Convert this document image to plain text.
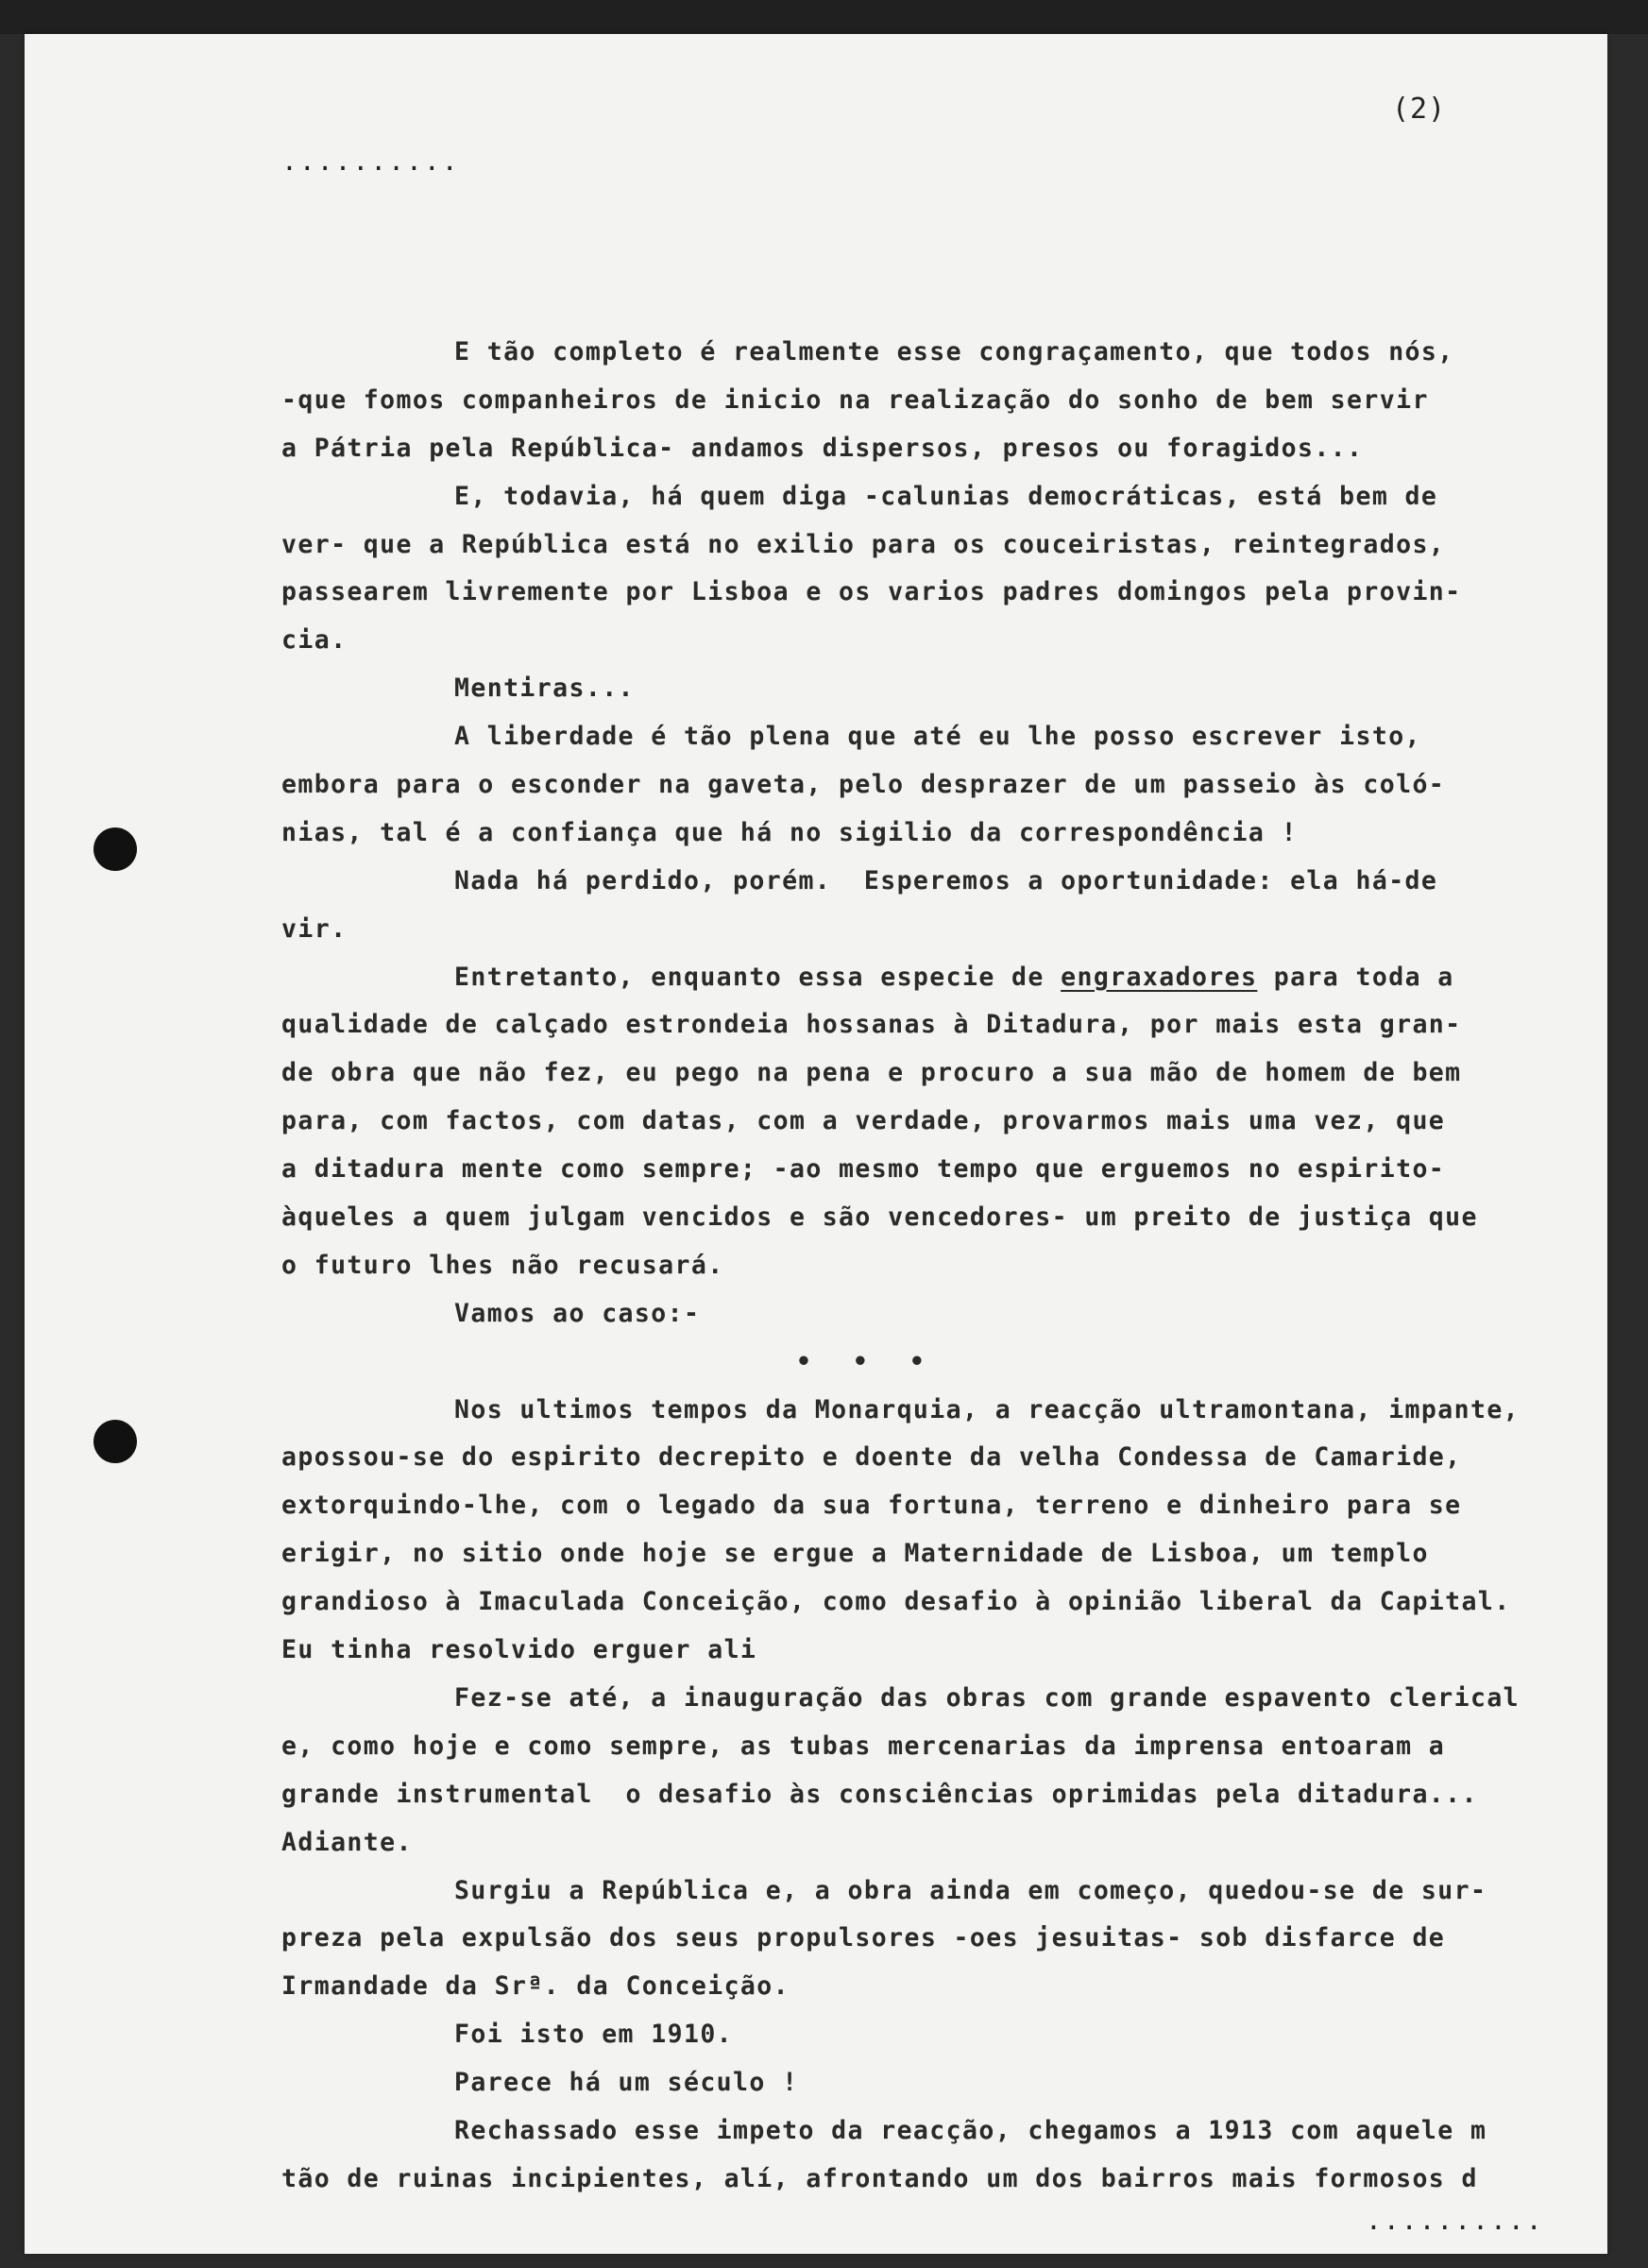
(2)
..........
E tão completo é realmente esse congraçamento, que todos nós,
-que fomos companheiros de inicio na realização do sonho de bem servir
a Pátria pela República- andamos dispersos, presos ou foragidos...
E, todavia, há quem diga -calunias democráticas, está bem de
ver- que a República está no exilio para os couceiristas, reintegrados,
passearem livremente por Lisboa e os varios padres domingos pela provin-
cia.
Mentiras...
A liberdade é tão plena que até eu lhe posso escrever isto,
embora para o esconder na gaveta, pelo desprazer de um passeio às coló-
nias, tal é a confiança que há no sigilio da correspondência !
Nada há perdido, porém.  Esperemos a oportunidade: ela há-de
vir.
Entretanto, enquanto essa especie de engraxadores para toda a
qualidade de calçado estrondeia hossanas à Ditadura, por mais esta gran-
de obra que não fez, eu pego na pena e procuro a sua mão de homem de bem
para, com factos, com datas, com a verdade, provarmos mais uma vez, que
a ditadura mente como sempre; -ao mesmo tempo que erguemos no espirito-
àqueles a quem julgam vencidos e são vencedores- um preito de justiça que
o futuro lhes não recusará.
Vamos ao caso:-
• • •
Nos ultimos tempos da Monarquia, a reacção ultramontana, impante,
apossou-se do espirito decrepito e doente da velha Condessa de Camaride,
extorquindo-lhe, com o legado da sua fortuna, terreno e dinheiro para se
erigir, no sitio onde hoje se ergue a Maternidade de Lisboa, um templo
grandioso à Imaculada Conceição, como desafio à opinião liberal da Capital.
Eu tinha resolvido erguer ali
Fez-se até, a inauguração das obras com grande espavento clerical
e, como hoje e como sempre, as tubas mercenarias da imprensa entoaram a
grande instrumental  o desafio às consciências oprimidas pela ditadura...
Adiante.
Surgiu a República e, a obra ainda em começo, quedou-se de sur-
preza pela expulsão dos seus propulsores -oes jesuitas- sob disfarce de
Irmandade da Srª. da Conceição.
Foi isto em 1910.
Parece há um século !
Rechassado esse impeto da reacção, chegamos a 1913 com aquele m
tão de ruinas incipientes, alí, afrontando um dos bairros mais formosos d
..........
